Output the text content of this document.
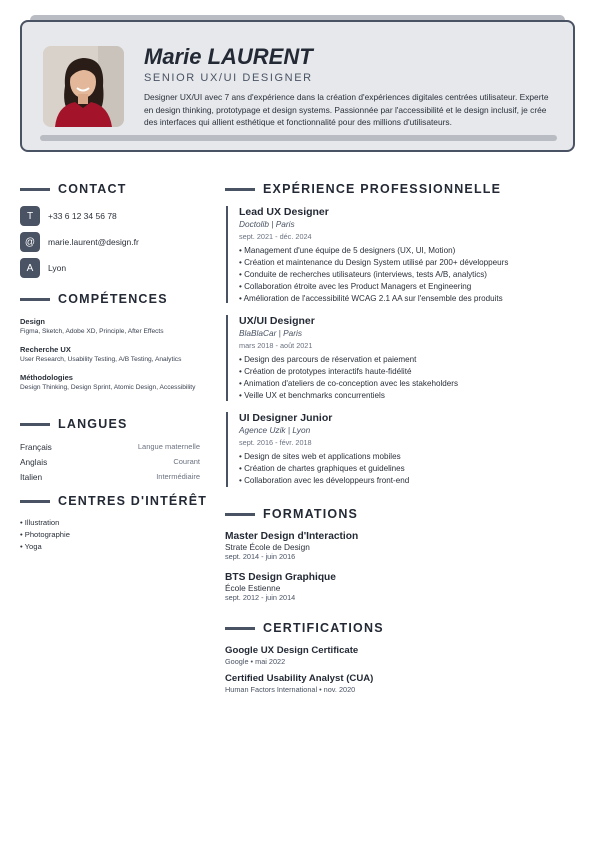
Marie LAURENT
SENIOR UX/UI DESIGNER
Designer UX/UI avec 7 ans d'expérience dans la création d'expériences digitales centrées utilisateur. Experte en design thinking, prototypage et design systems. Passionnée par l'accessibilité et le design inclusif, je crée des interfaces qui allient esthétique et fonctionnalité pour des millions d'utilisateurs.
CONTACT
T	+33 6 12 34 56 78
@	marie.laurent@design.fr
A	Lyon
COMPÉTENCES
Design
Figma, Sketch, Adobe XD, Principle, After Effects
Recherche UX
User Research, Usability Testing, A/B Testing, Analytics
Méthodologies
Design Thinking, Design Sprint, Atomic Design, Accessibility
LANGUES
Français	Langue maternelle
Anglais	Courant
Italien	Intermédiaire
CENTRES D'INTÉRÊT
• Illustration
• Photographie
• Yoga
EXPÉRIENCE PROFESSIONNELLE
Lead UX Designer
Doctolib | Paris
sept. 2021 - déc. 2024
• Management d'une équipe de 5 designers (UX, UI, Motion)
• Création et maintenance du Design System utilisé par 200+ développeurs
• Conduite de recherches utilisateurs (interviews, tests A/B, analytics)
• Collaboration étroite avec les Product Managers et Engineering
• Amélioration de l'accessibilité WCAG 2.1 AA sur l'ensemble des produits
UX/UI Designer
BlaBlaCar | Paris
mars 2018 - août 2021
• Design des parcours de réservation et paiement
• Création de prototypes interactifs haute-fidélité
• Animation d'ateliers de co-conception avec les stakeholders
• Veille UX et benchmarks concurrentiels
UI Designer Junior
Agence Uzik | Lyon
sept. 2016 - févr. 2018
• Design de sites web et applications mobiles
• Création de chartes graphiques et guidelines
• Collaboration avec les développeurs front-end
FORMATIONS
Master Design d'Interaction
Strate École de Design
sept. 2014 - juin 2016
BTS Design Graphique
École Estienne
sept. 2012 - juin 2014
CERTIFICATIONS
Google UX Design Certificate
Google • mai 2022
Certified Usability Analyst (CUA)
Human Factors International • nov. 2020
